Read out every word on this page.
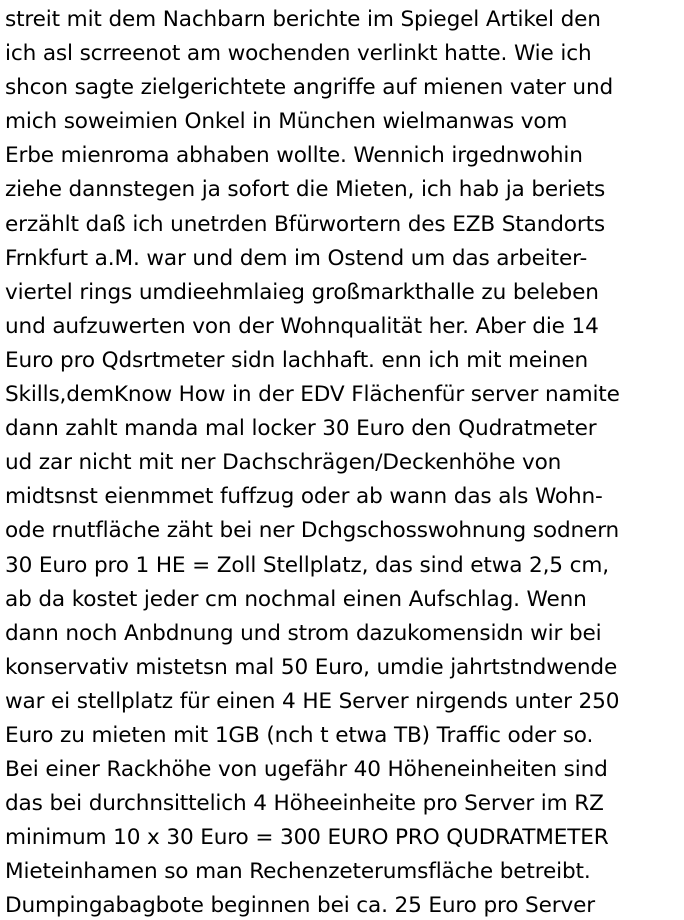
streit mit dem Nachbarn berichte im Spiegel Artikel den
ich asl scrreenot am wochenden verlinkt hatte. Wie ich
shcon sagte zielgerichtete angriffe auf mienen vater und
mich soweimien Onkel in München wielmanwas vom
Erbe mienroma abhaben wollte. Wennich irgednwohin
ziehe dannstegen ja sofort die Mieten, ich hab ja beriets
erzählt daß ich unetrden Bfürwortern des EZB Standorts
Frnkfurt a.M. war und dem im Ostend um das arbeiter-
viertel rings umdieehmlaieg großmarkthalle zu beleben
und aufzuwerten von der Wohnqualität her. Aber die 14
Euro pro Qdsrtmeter sidn lachhaft. enn ich mit meinen
Skills,demKnow How in der EDV Flächenfür server namite
dann zahlt manda mal locker 30 Euro den Qudratmeter
ud zar nicht mit ner Dachschrägen/Deckenhöhe von
midtsnst eienmmet fuffzug oder ab wann das als Wohn-
ode rnutfläche zäht bei ner Dchgschosswohnung sodnern
30 Euro pro 1 HE = Zoll Stellplatz, das sind etwa 2,5 cm,
ab da kostet jeder cm nochmal einen Aufschlag. Wenn
dann noch Anbdnung und strom dazukomensidn wir bei
konservativ mistetsn mal 50 Euro, umdie jahrtstndwende
war ei stellplatz für einen 4 HE Server nirgends unter 250
Euro zu mieten mit 1GB (nch t etwa TB) Traffic oder so.
Bei einer Rackhöhe von ugefähr 40 Höheneinheiten sind
das bei durchnsittelich 4 Höheeinheite pro Server im RZ
minimum 10 x 30 Euro = 300 EURO PRO QUDRATMETER
Mieteinhamen so man Rechenzeterumsfläche betreibt.
Dumpingabagbote beginnen bei ca. 25 Euro pro Server
